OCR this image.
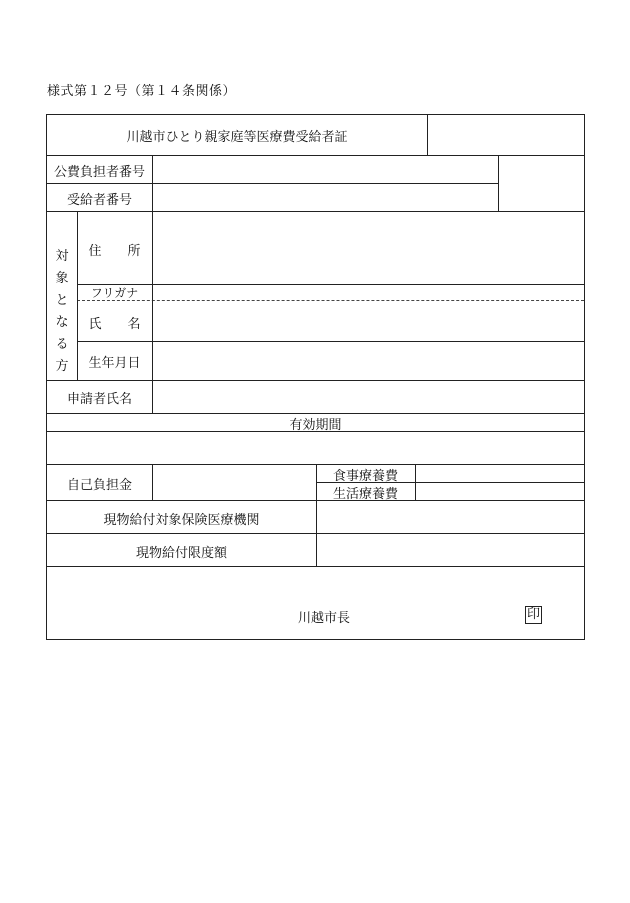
様式第１２号（第１４条関係）
川越市ひとり親家庭等医療費受給者証
公費負担者番号
受給者番号
対
象
と
な
る
方
住　　所
フリガナ
氏　　名
生年月日
申請者氏名
有効期間
自己負担金
食事療養費
生活療養費
現物給付対象保険医療機関
現物給付限度額
川越市長	印
